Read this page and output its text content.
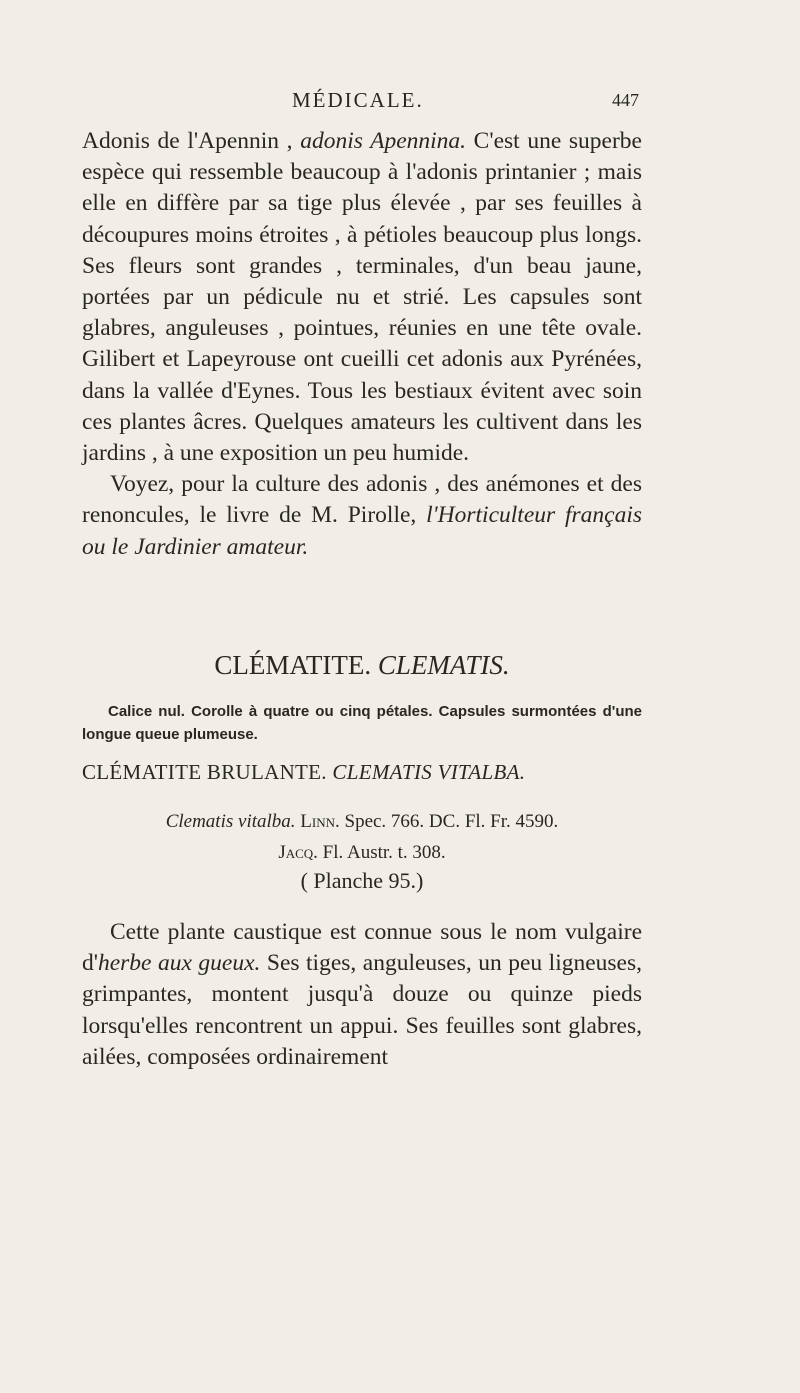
MÉDICALE.	447

Adonis de l'Apennin , adonis Apennina. C'est une superbe espèce qui ressemble beaucoup à l'adonis printanier ; mais elle en diffère par sa tige plus élevée , par ses feuilles à découpures moins étroites , à pétioles beaucoup plus longs. Ses fleurs sont grandes , terminales, d'un beau jaune, portées par un pédicule nu et strié. Les capsules sont glabres, anguleuses , pointues, réunies en une tête ovale. Gilibert et Lapeyrouse ont cueilli cet adonis aux Pyrénées, dans la vallée d'Eynes. Tous les bestiaux évitent avec soin ces plantes âcres. Quelques amateurs les cultivent dans les jardins , à une exposition un peu humide.

Voyez, pour la culture des adonis , des anémones et des renoncules, le livre de M. Pirolle, l'Horticulteur français ou le Jardinier amateur.

CLÉMATITE. CLEMATIS.
Calice nul. Corolle à quatre ou cinq pétales. Capsules surmontées d'une longue queue plumeuse.
CLÉMATITE BRULANTE. CLEMATIS VITALBA.
Clematis vitalba. Linn. Spec. 766. DC. Fl. Fr. 4590.
Jacq. Fl. Austr. t. 308.
( Planche 95.)

Cette plante caustique est connue sous le nom vulgaire d'herbe aux gueux. Ses tiges, anguleuses, un peu ligneuses, grimpantes, montent jusqu'à douze ou quinze pieds lorsqu'elles rencontrent un appui. Ses feuilles sont glabres, ailées, composées ordinairement
